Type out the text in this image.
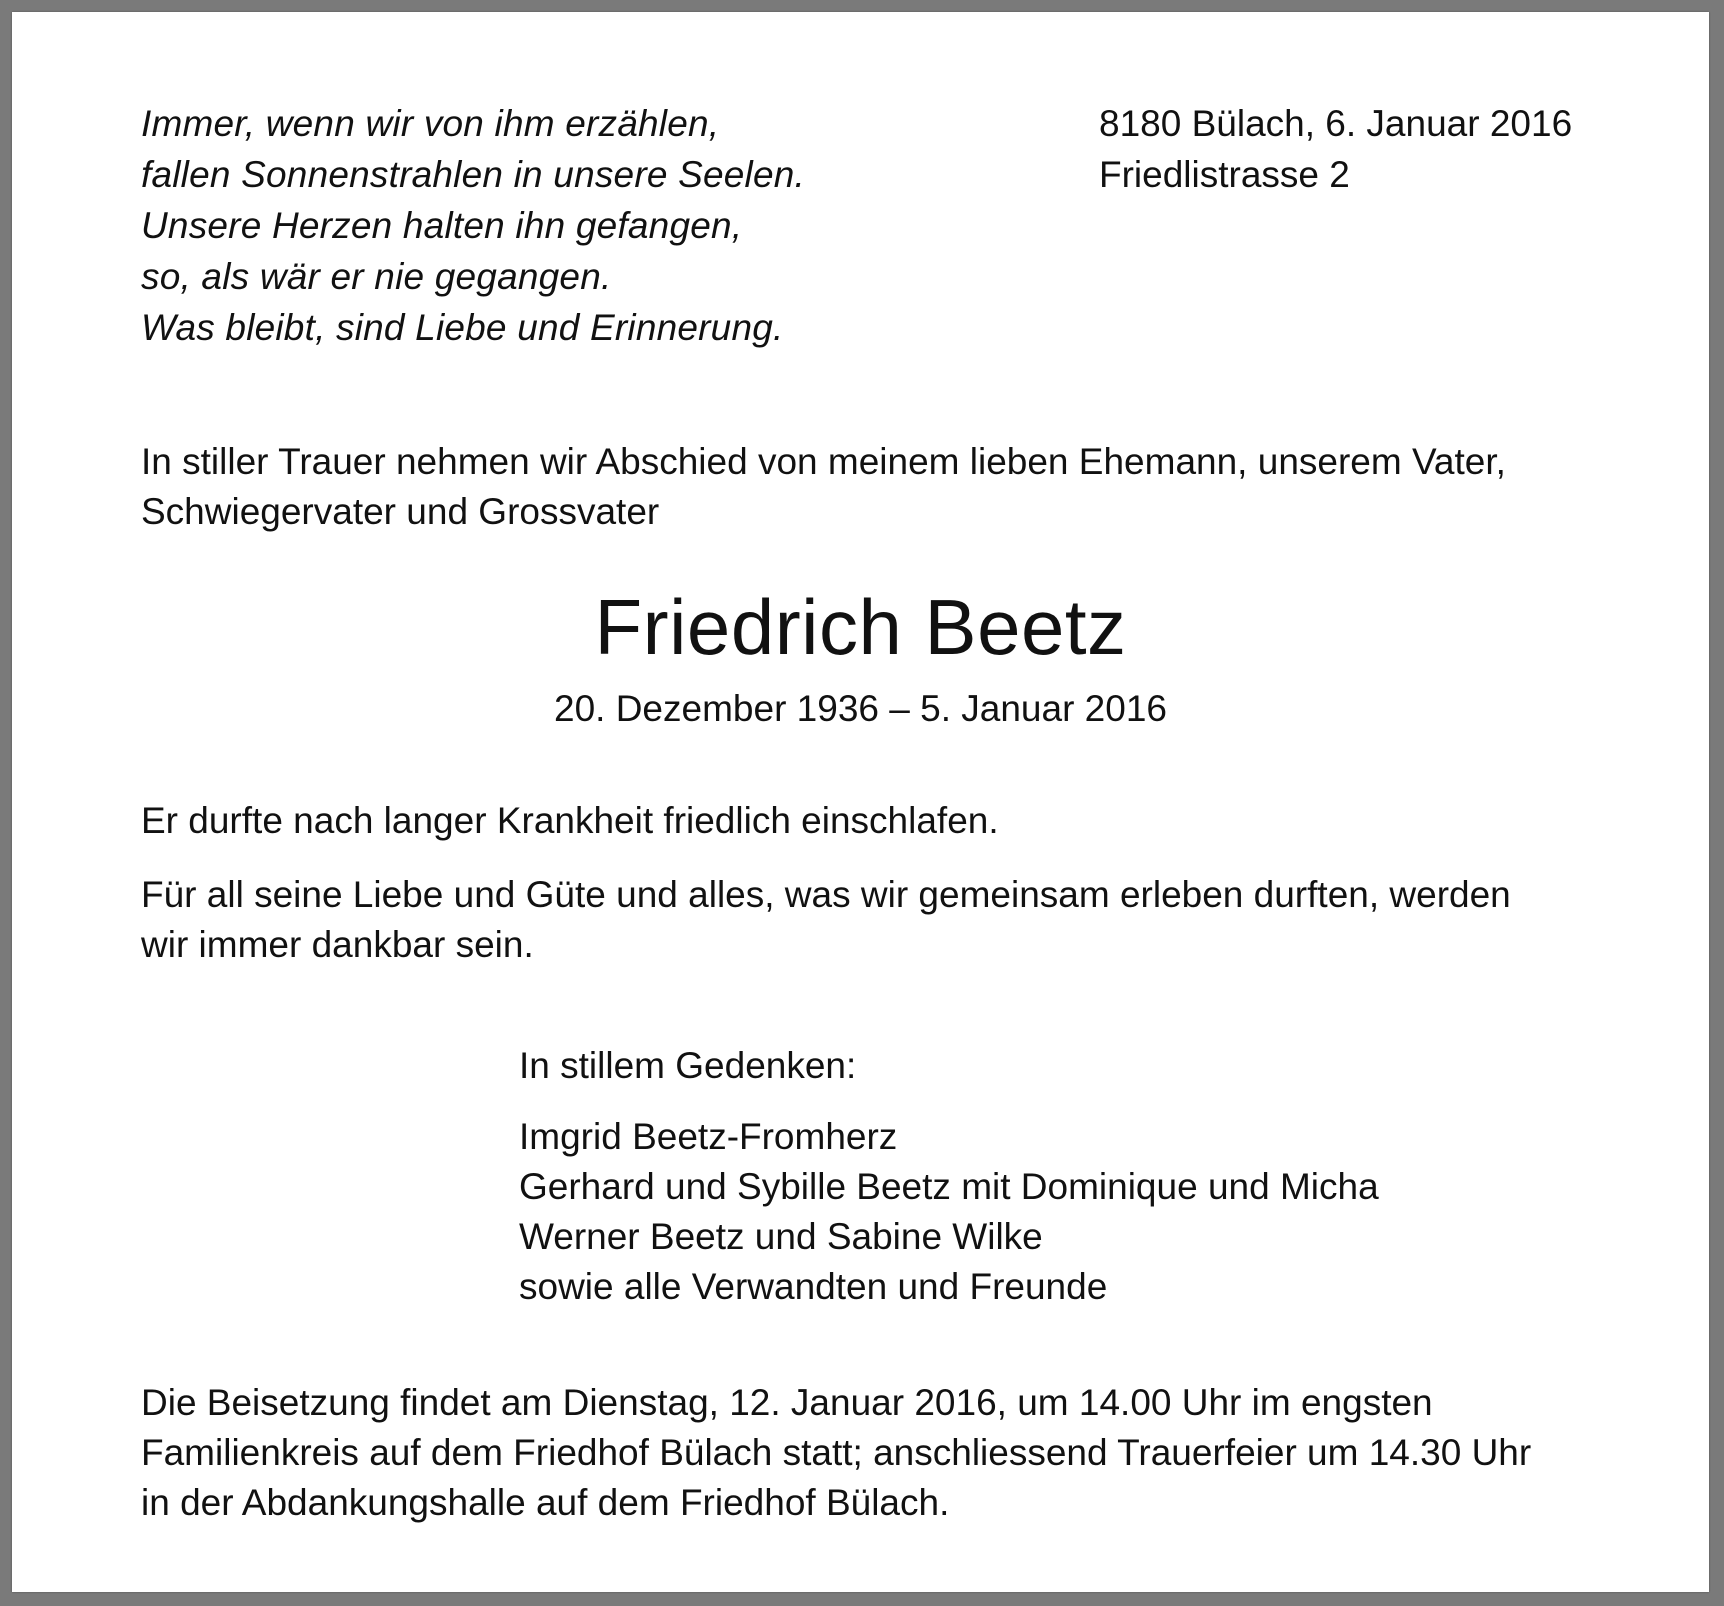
Immer, wenn wir von ihm erzählen,
fallen Sonnenstrahlen in unsere Seelen.
Unsere Herzen halten ihn gefangen,
so, als wär er nie gegangen.
Was bleibt, sind Liebe und Erinnerung.
8180 Bülach, 6. Januar 2016
Friedlistrasse 2
In stiller Trauer nehmen wir Abschied von meinem lieben Ehemann, unserem Vater,
Schwiegervater und Grossvater
Friedrich Beetz
20. Dezember 1936 – 5. Januar 2016
Er durfte nach langer Krankheit friedlich einschlafen.
Für all seine Liebe und Güte und alles, was wir gemeinsam erleben durften, werden
wir immer dankbar sein.
In stillem Gedenken:
Imgrid Beetz-Fromherz
Gerhard und Sybille Beetz mit Dominique und Micha
Werner Beetz und Sabine Wilke
sowie alle Verwandten und Freunde
Die Beisetzung findet am Dienstag, 12. Januar 2016, um 14.00 Uhr im engsten
Familienkreis auf dem Friedhof Bülach statt; anschliessend Trauerfeier um 14.30 Uhr
in der Abdankungshalle auf dem Friedhof Bülach.
